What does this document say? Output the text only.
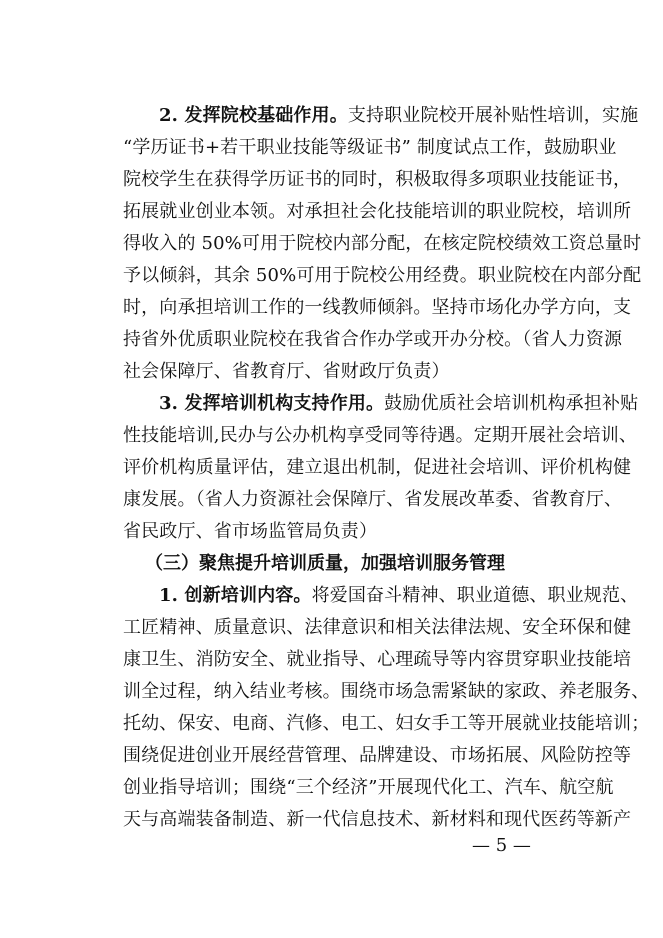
2. 发挥院校基础作用。支持职业院校开展补贴性培训，实施
“学历证书+若干职业技能等级证书” 制度试点工作，鼓励职业
院校学生在获得学历证书的同时，积极取得多项职业技能证书，
拓展就业创业本领。对承担社会化技能培训的职业院校，培训所
得收入的 50%可用于院校内部分配，在核定院校绩效工资总量时
予以倾斜，其余 50%可用于院校公用经费。职业院校在内部分配
时，向承担培训工作的一线教师倾斜。坚持市场化办学方向，支
持省外优质职业院校在我省合作办学或开办分校。（省人力资源
社会保障厅、省教育厅、省财政厅负责）
3. 发挥培训机构支持作用。鼓励优质社会培训机构承担补贴
性技能培训,民办与公办机构享受同等待遇。定期开展社会培训、
评价机构质量评估，建立退出机制，促进社会培训、评价机构健
康发展。（省人力资源社会保障厅、省发展改革委、省教育厅、
省民政厅、省市场监管局负责）
（三）聚焦提升培训质量，加强培训服务管理
1. 创新培训内容。将爱国奋斗精神、职业道德、职业规范、
工匠精神、质量意识、法律意识和相关法律法规、安全环保和健
康卫生、消防安全、就业指导、心理疏导等内容贯穿职业技能培
训全过程，纳入结业考核。围绕市场急需紧缺的家政、养老服务、
托幼、保安、电商、汽修、电工、妇女手工等开展就业技能培训；
围绕促进创业开展经营管理、品牌建设、市场拓展、风险防控等
创业指导培训；围绕“三个经济”开展现代化工、汽车、航空航
天与高端装备制造、新一代信息技术、新材料和现代医药等新产
— 5 —
